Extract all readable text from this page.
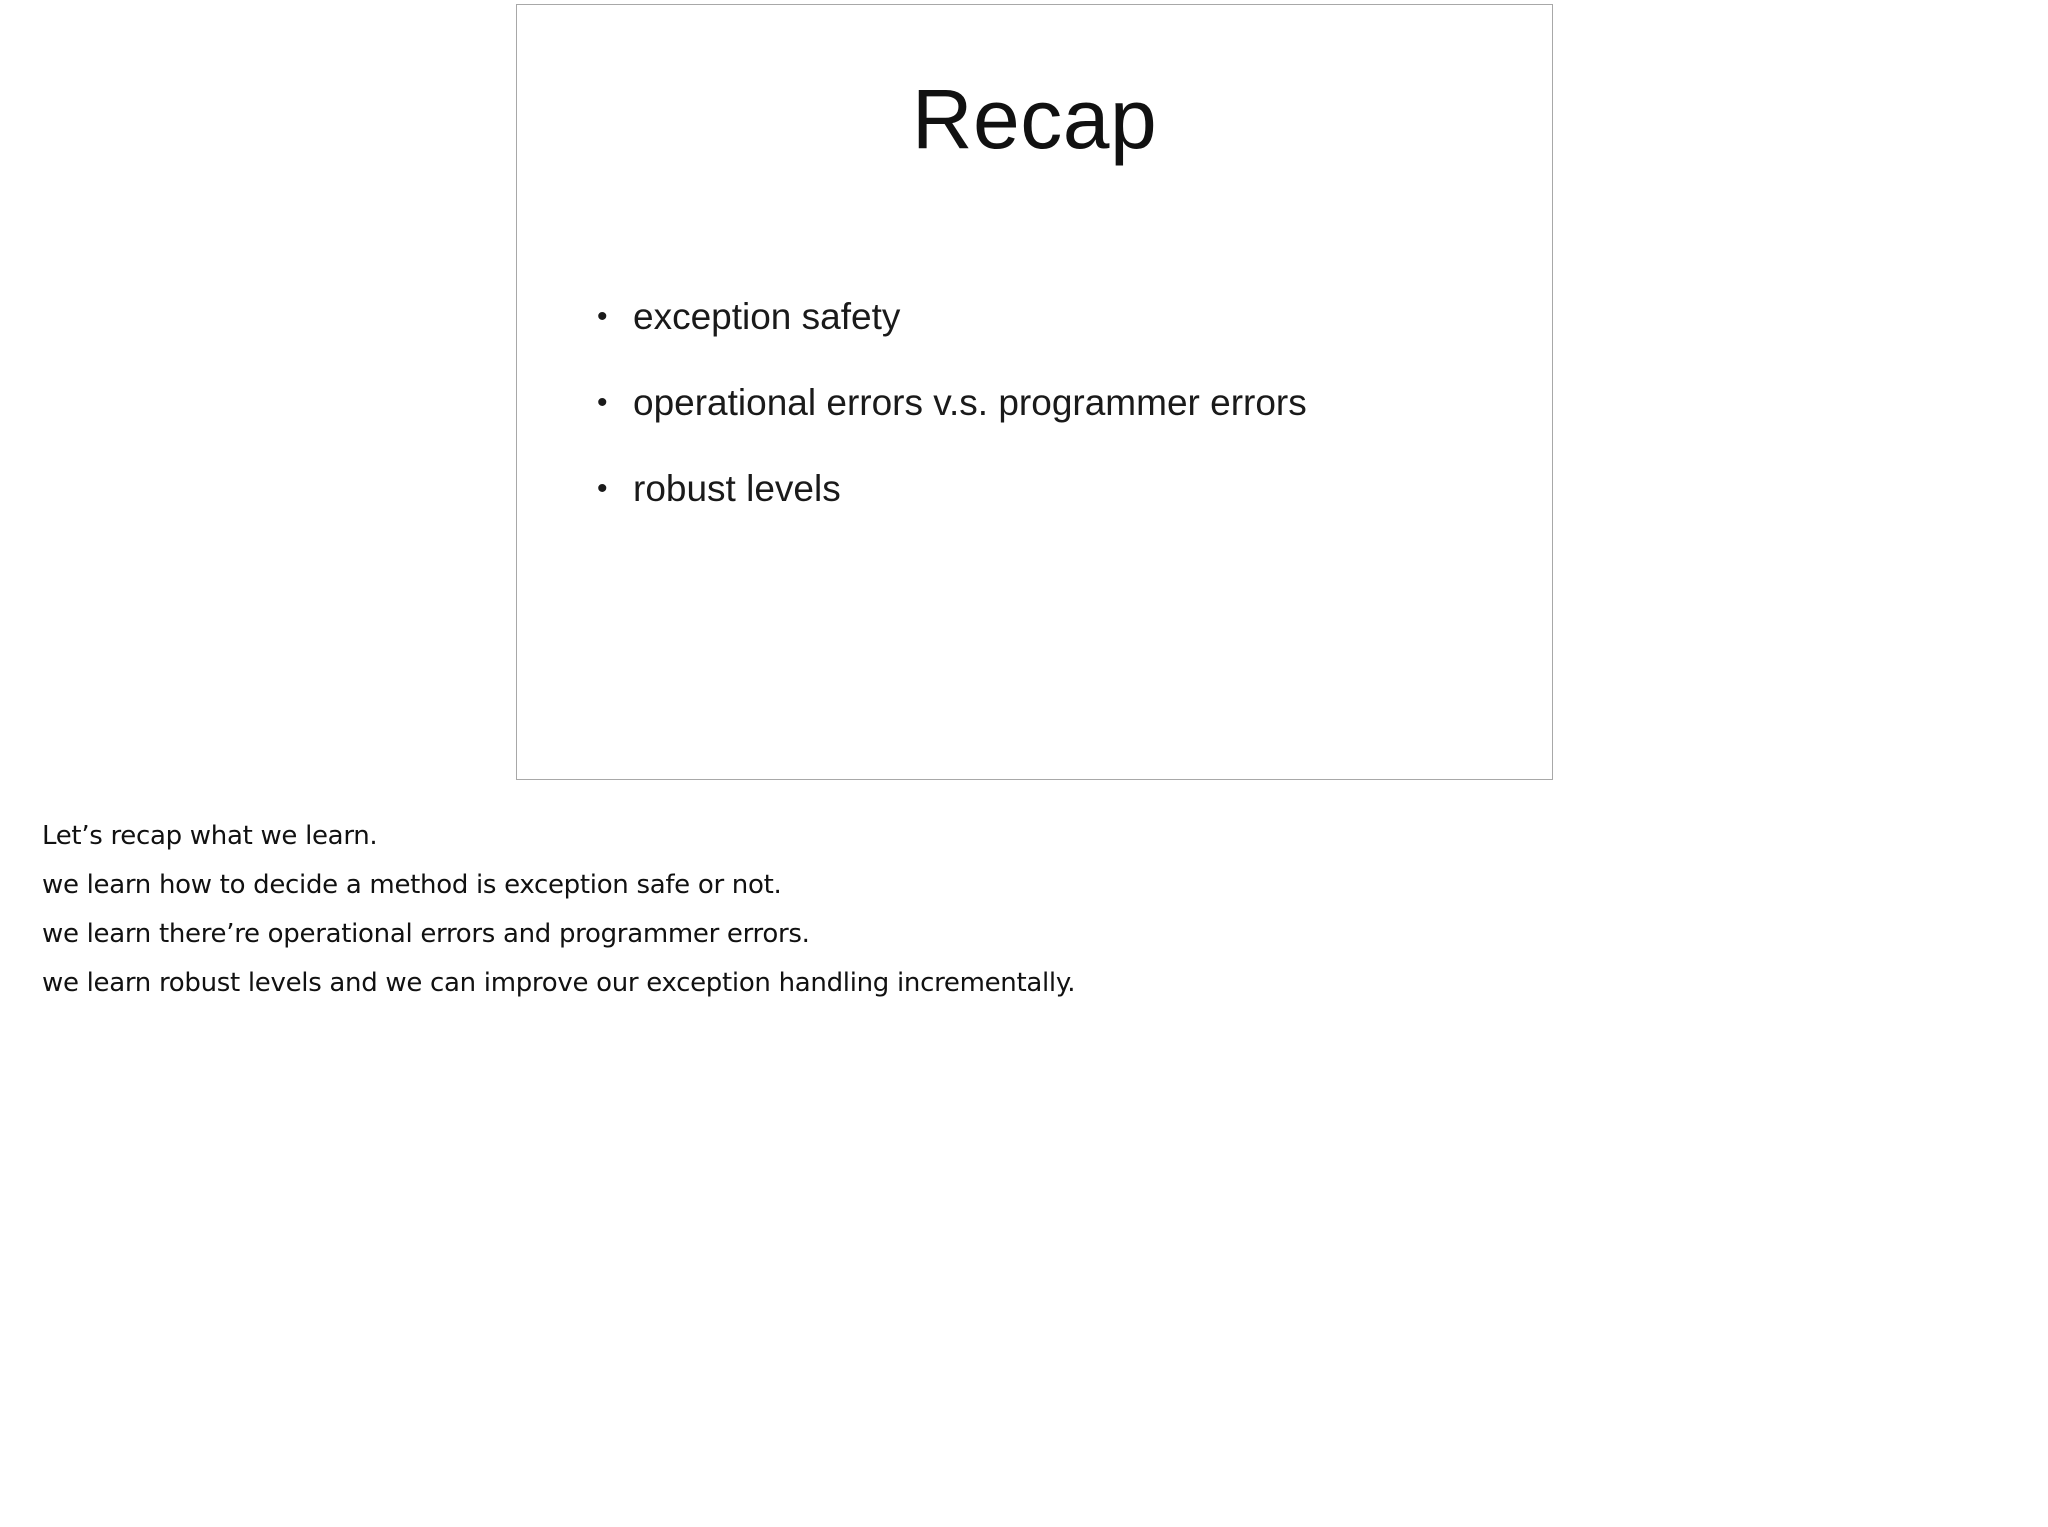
Recap
• exception safety
• operational errors v.s. programmer errors
• robust levels
Let’s recap what we learn.
we learn how to decide a method is exception safe or not.
we learn there’re operational errors and programmer errors.
we learn robust levels and we can improve our exception handling incrementally.
